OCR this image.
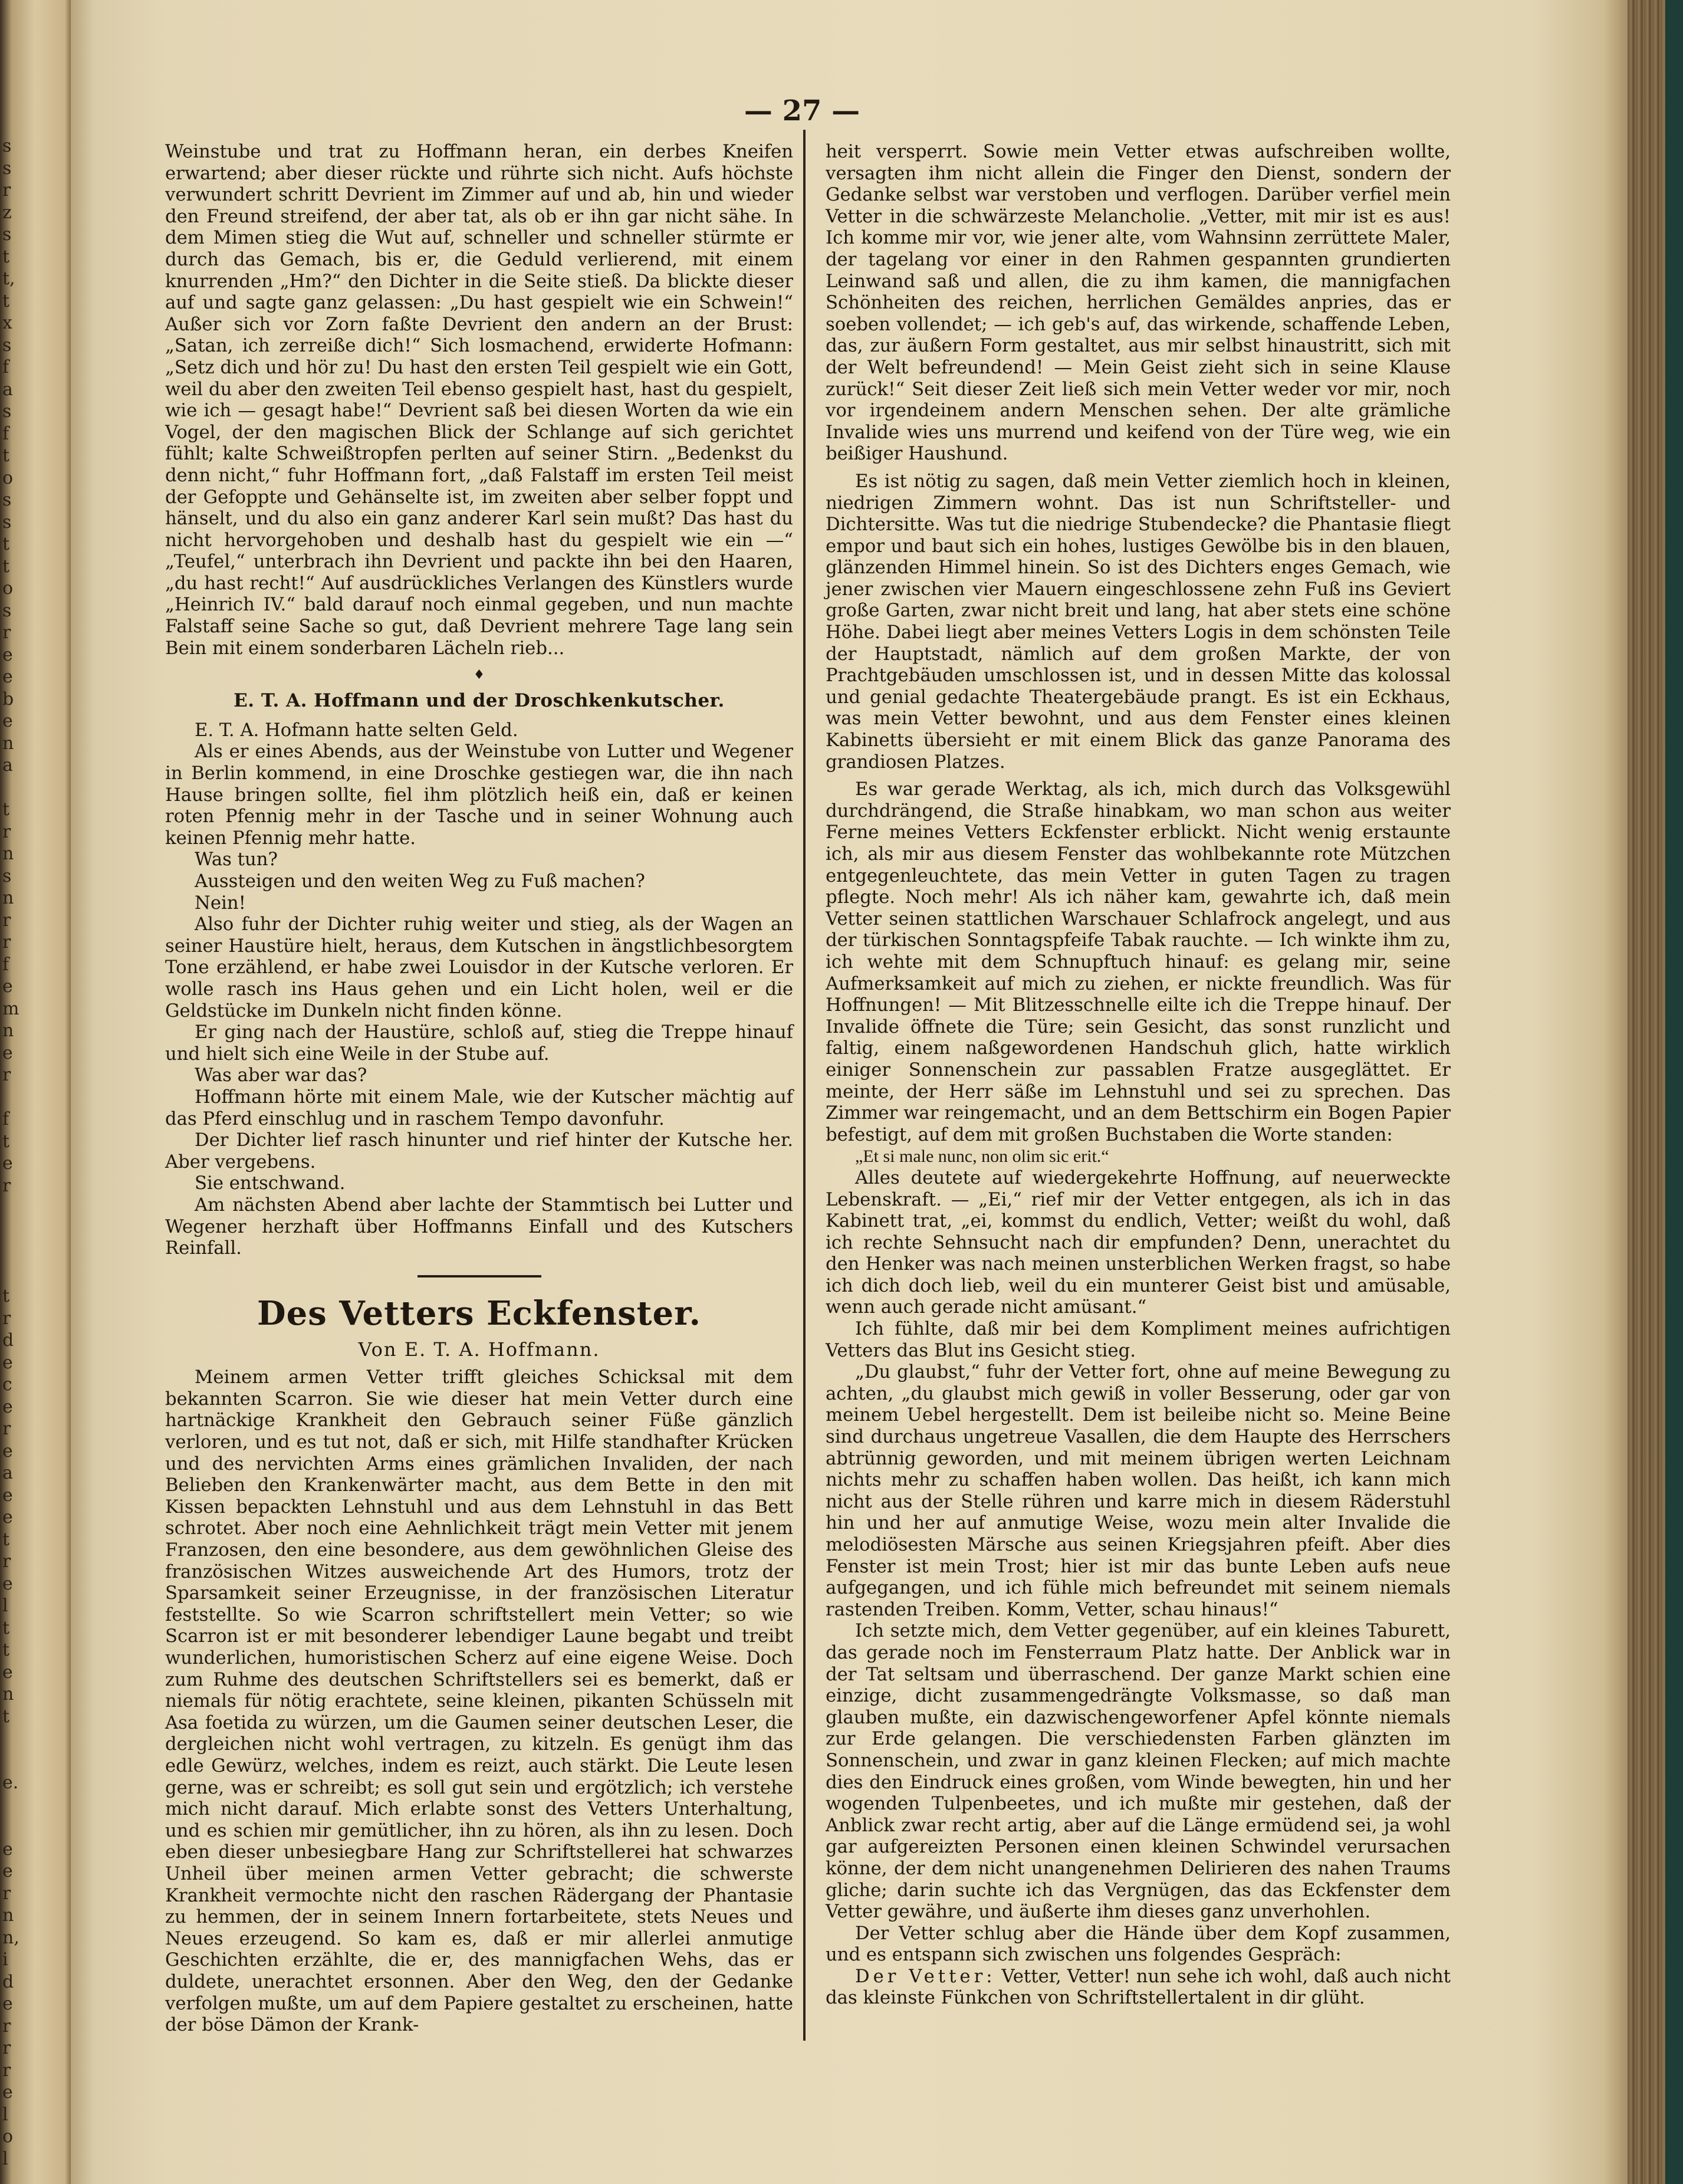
s
s
r
z
s
t
t,
t
x
s
f
a
s
f
t
o
s
s
t
t
o
s
r
e
e
b
e
n
a
t
r
n
s
n
r
r
f
e
m
n
e
r
f
t
e
r
t
r
d
e
c
e
r
e
a
e
e
t
r
e
l
t
t
e
n
t
e.
e
e
r
n
n,
i
d
e
r
r
r
e
l
o
l
— 27 —

Weinstube und trat zu Hoffmann heran, ein derbes Kneifen erwartend; aber dieser rückte und rührte sich nicht. Aufs höchste verwundert schritt Devrient im Zimmer auf und ab, hin und wieder den Freund streifend, der aber tat, als ob er ihn gar nicht sähe. In dem Mimen stieg die Wut auf, schneller und schneller stürmte er durch das Gemach, bis er, die Geduld verlierend, mit einem knurrenden „Hm?“ den Dichter in die Seite stieß. Da blickte dieser auf und sagte ganz gelassen: „Du hast gespielt wie ein Schwein!“ Außer sich vor Zorn faßte Devrient den andern an der Brust: „Satan, ich zerreiße dich!“ Sich losmachend, erwiderte Hofmann: „Setz dich und hör zu! Du hast den ersten Teil gespielt wie ein Gott, weil du aber den zweiten Teil ebenso gespielt hast, hast du gespielt, wie ich — gesagt habe!“ Devrient saß bei diesen Worten da wie ein Vogel, der den magischen Blick der Schlange auf sich gerichtet fühlt; kalte Schweißtropfen perlten auf seiner Stirn. „Bedenkst du denn nicht,“ fuhr Hoffmann fort, „daß Falstaff im ersten Teil meist der Gefoppte und Gehänselte ist, im zweiten aber selber foppt und hänselt, und du also ein ganz anderer Karl sein mußt? Das hast du nicht hervorgehoben und deshalb hast du gespielt wie ein —“ „Teufel,“ unterbrach ihn Devrient und packte ihn bei den Haaren, „du hast recht!“ Auf ausdrückliches Verlangen des Künstlers wurde „Heinrich IV.“ bald darauf noch einmal gegeben, und nun machte Falstaff seine Sache so gut, daß Devrient mehrere Tage lang sein Bein mit einem sonderbaren Lächeln rieb...

♦
E. T. A. Hoffmann und der Droschkenkutscher.

E. T. A. Hofmann hatte selten Geld.

Als er eines Abends, aus der Weinstube von Lutter und Wegener in Berlin kommend, in eine Droschke gestiegen war, die ihn nach Hause bringen sollte, fiel ihm plötzlich heiß ein, daß er keinen roten Pfennig mehr in der Tasche und in seiner Wohnung auch keinen Pfennig mehr hatte.

Was tun?

Aussteigen und den weiten Weg zu Fuß machen?

Nein!

Also fuhr der Dichter ruhig weiter und stieg, als der Wagen an seiner Haustüre hielt, heraus, dem Kutschen in ängstlichbesorgtem Tone erzählend, er habe zwei Louisdor in der Kutsche verloren. Er wolle rasch ins Haus gehen und ein Licht holen, weil er die Geldstücke im Dunkeln nicht finden könne.

Er ging nach der Haustüre, schloß auf, stieg die Treppe hinauf und hielt sich eine Weile in der Stube auf.

Was aber war das?

Hoffmann hörte mit einem Male, wie der Kutscher mächtig auf das Pferd einschlug und in raschem Tempo davonfuhr.

Der Dichter lief rasch hinunter und rief hinter der Kutsche her. Aber vergebens.

Sie entschwand.

Am nächsten Abend aber lachte der Stammtisch bei Lutter und Wegener herzhaft über Hoffmanns Einfall und des Kutschers Reinfall.

Des Vetters Eckfenster.
Von E. T. A. Hoffmann.

Meinem armen Vetter trifft gleiches Schicksal mit dem bekannten Scarron. Sie wie dieser hat mein Vetter durch eine hartnäckige Krankheit den Gebrauch seiner Füße gänzlich verloren, und es tut not, daß er sich, mit Hilfe standhafter Krücken und des nervichten Arms eines grämlichen Invaliden, der nach Belieben den Krankenwärter macht, aus dem Bette in den mit Kissen bepackten Lehnstuhl und aus dem Lehnstuhl in das Bett schrotet. Aber noch eine Aehnlichkeit trägt mein Vetter mit jenem Franzosen, den eine besondere, aus dem gewöhnlichen Gleise des französischen Witzes ausweichende Art des Humors, trotz der Sparsamkeit seiner Erzeugnisse, in der französischen Literatur feststellte. So wie Scarron schriftstellert mein Vetter; so wie Scarron ist er mit besonderer lebendiger Laune begabt und treibt wunderlichen, humoristischen Scherz auf eine eigene Weise. Doch zum Ruhme des deutschen Schriftstellers sei es bemerkt, daß er niemals für nötig erachtete, seine kleinen, pikanten Schüsseln mit Asa foetida zu würzen, um die Gaumen seiner deutschen Leser, die dergleichen nicht wohl vertragen, zu kitzeln. Es genügt ihm das edle Gewürz, welches, indem es reizt, auch stärkt. Die Leute lesen gerne, was er schreibt; es soll gut sein und ergötzlich; ich verstehe mich nicht darauf. Mich erlabte sonst des Vetters Unterhaltung, und es schien mir gemütlicher, ihn zu hören, als ihn zu lesen. Doch eben dieser unbesiegbare Hang zur Schriftstellerei hat schwarzes Unheil über meinen armen Vetter gebracht; die schwerste Krankheit vermochte nicht den raschen Rädergang der Phantasie zu hemmen, der in seinem Innern fortarbeitete, stets Neues und Neues erzeugend. So kam es, daß er mir allerlei anmutige Geschichten erzählte, die er, des mannigfachen Wehs, das er duldete, unerachtet ersonnen. Aber den Weg, den der Gedanke verfolgen mußte, um auf dem Papiere gestaltet zu erscheinen, hatte der böse Dämon der Krank-

heit versperrt. Sowie mein Vetter etwas aufschreiben wollte, versagten ihm nicht allein die Finger den Dienst, sondern der Gedanke selbst war verstoben und verflogen. Darüber verfiel mein Vetter in die schwärzeste Melancholie. „Vetter, mit mir ist es aus! Ich komme mir vor, wie jener alte, vom Wahnsinn zerrüttete Maler, der tagelang vor einer in den Rahmen gespannten grundierten Leinwand saß und allen, die zu ihm kamen, die mannigfachen Schönheiten des reichen, herrlichen Gemäldes anpries, das er soeben vollendet; — ich geb's auf, das wirkende, schaffende Leben, das, zur äußern Form gestaltet, aus mir selbst hinaustritt, sich mit der Welt befreundend! — Mein Geist zieht sich in seine Klause zurück!“ Seit dieser Zeit ließ sich mein Vetter weder vor mir, noch vor irgendeinem andern Menschen sehen. Der alte grämliche Invalide wies uns murrend und keifend von der Türe weg, wie ein beißiger Haushund.

Es ist nötig zu sagen, daß mein Vetter ziemlich hoch in kleinen, niedrigen Zimmern wohnt. Das ist nun Schriftsteller- und Dichtersitte. Was tut die niedrige Stubendecke? die Phantasie fliegt empor und baut sich ein hohes, lustiges Gewölbe bis in den blauen, glänzenden Himmel hinein. So ist des Dichters enges Gemach, wie jener zwischen vier Mauern eingeschlossene zehn Fuß ins Geviert große Garten, zwar nicht breit und lang, hat aber stets eine schöne Höhe. Dabei liegt aber meines Vetters Logis in dem schönsten Teile der Hauptstadt, nämlich auf dem großen Markte, der von Prachtgebäuden umschlossen ist, und in dessen Mitte das kolossal und genial gedachte Theatergebäude prangt. Es ist ein Eckhaus, was mein Vetter bewohnt, und aus dem Fenster eines kleinen Kabinetts übersieht er mit einem Blick das ganze Panorama des grandiosen Platzes.

Es war gerade Werktag, als ich, mich durch das Volksgewühl durchdrängend, die Straße hinabkam, wo man schon aus weiter Ferne meines Vetters Eckfenster erblickt. Nicht wenig erstaunte ich, als mir aus diesem Fenster das wohlbekannte rote Mützchen entgegenleuchtete, das mein Vetter in guten Tagen zu tragen pflegte. Noch mehr! Als ich näher kam, gewahrte ich, daß mein Vetter seinen stattlichen Warschauer Schlafrock angelegt, und aus der türkischen Sonntagspfeife Tabak rauchte. — Ich winkte ihm zu, ich wehte mit dem Schnupftuch hinauf: es gelang mir, seine Aufmerksamkeit auf mich zu ziehen, er nickte freundlich. Was für Hoffnungen! — Mit Blitzesschnelle eilte ich die Treppe hinauf. Der Invalide öffnete die Türe; sein Gesicht, das sonst runzlicht und faltig, einem naßgewordenen Handschuh glich, hatte wirklich einiger Sonnenschein zur passablen Fratze ausgeglättet. Er meinte, der Herr säße im Lehnstuhl und sei zu sprechen. Das Zimmer war reingemacht, und an dem Bettschirm ein Bogen Papier befestigt, auf dem mit großen Buchstaben die Worte standen:

„Et si male nunc, non olim sic erit.“

Alles deutete auf wiedergekehrte Hoffnung, auf neuerweckte Lebenskraft. — „Ei,“ rief mir der Vetter entgegen, als ich in das Kabinett trat, „ei, kommst du endlich, Vetter; weißt du wohl, daß ich rechte Sehnsucht nach dir empfunden? Denn, unerachtet du den Henker was nach meinen unsterblichen Werken fragst, so habe ich dich doch lieb, weil du ein munterer Geist bist und amüsable, wenn auch gerade nicht amüsant.“

Ich fühlte, daß mir bei dem Kompliment meines aufrichtigen Vetters das Blut ins Gesicht stieg.

„Du glaubst,“ fuhr der Vetter fort, ohne auf meine Bewegung zu achten, „du glaubst mich gewiß in voller Besserung, oder gar von meinem Uebel hergestellt. Dem ist beileibe nicht so. Meine Beine sind durchaus ungetreue Vasallen, die dem Haupte des Herrschers abtrünnig geworden, und mit meinem übrigen werten Leichnam nichts mehr zu schaffen haben wollen. Das heißt, ich kann mich nicht aus der Stelle rühren und karre mich in diesem Räderstuhl hin und her auf anmutige Weise, wozu mein alter Invalide die melodiösesten Märsche aus seinen Kriegsjahren pfeift. Aber dies Fenster ist mein Trost; hier ist mir das bunte Leben aufs neue aufgegangen, und ich fühle mich befreundet mit seinem niemals rastenden Treiben. Komm, Vetter, schau hinaus!“

Ich setzte mich, dem Vetter gegenüber, auf ein kleines Taburett, das gerade noch im Fensterraum Platz hatte. Der Anblick war in der Tat seltsam und überraschend. Der ganze Markt schien eine einzige, dicht zusammengedrängte Volksmasse, so daß man glauben mußte, ein dazwischengeworfener Apfel könnte niemals zur Erde gelangen. Die verschiedensten Farben glänzten im Sonnenschein, und zwar in ganz kleinen Flecken; auf mich machte dies den Eindruck eines großen, vom Winde bewegten, hin und her wogenden Tulpenbeetes, und ich mußte mir gestehen, daß der Anblick zwar recht artig, aber auf die Länge ermüdend sei, ja wohl gar aufgereizten Personen einen kleinen Schwindel verursachen könne, der dem nicht unangenehmen Delirieren des nahen Traums gliche; darin suchte ich das Vergnügen, das das Eckfenster dem Vetter gewähre, und äußerte ihm dieses ganz unverhohlen.

Der Vetter schlug aber die Hände über dem Kopf zusammen, und es entspann sich zwischen uns folgendes Gespräch:

Der Vetter: Vetter, Vetter! nun sehe ich wohl, daß auch nicht das kleinste Fünkchen von Schriftstellertalent in dir glüht.
